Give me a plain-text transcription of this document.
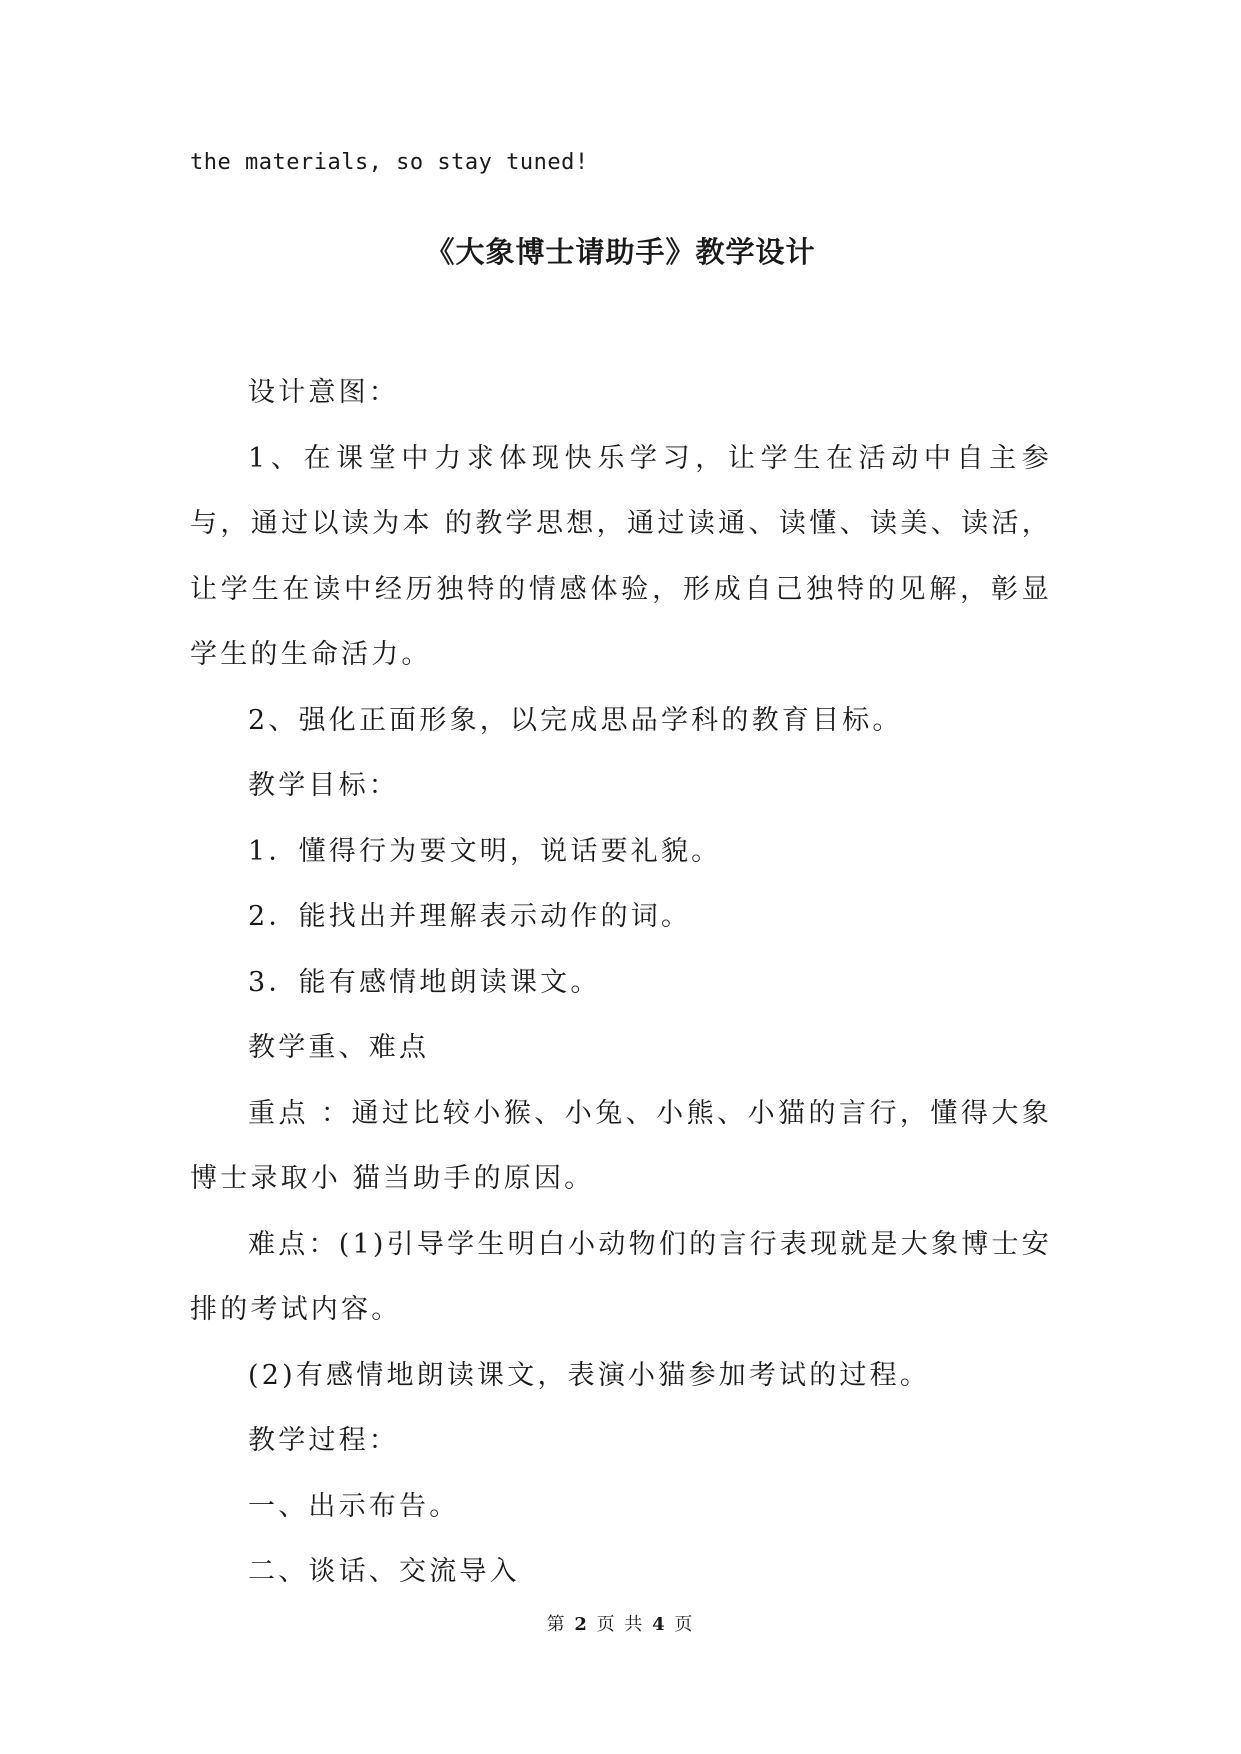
the materials, so stay tuned!
《大象博士请助手》教学设计

设计意图：

1、在课堂中力求体现快乐学习，让学生在活动中自主参与，通过以读为本 的教学思想，通过读通、读懂、读美、读活，让学生在读中经历独特的情感体验，形成自己独特的见解，彰显学生的生命活力。

2、强化正面形象，以完成思品学科的教育目标。

教学目标：

1．懂得行为要文明，说话要礼貌。

2．能找出并理解表示动作的词。

3．能有感情地朗读课文。

教学重、难点

重点 ：通过比较小猴、小兔、小熊、小猫的言行，懂得大象博士录取小 猫当助手的原因。

难点：(1)引导学生明白小动物们的言行表现就是大象博士安排的考试内容。

(2)有感情地朗读课文，表演小猫参加考试的过程。

教学过程：

一、出示布告。

二、谈话、交流导入

第 2 页 共 4 页
